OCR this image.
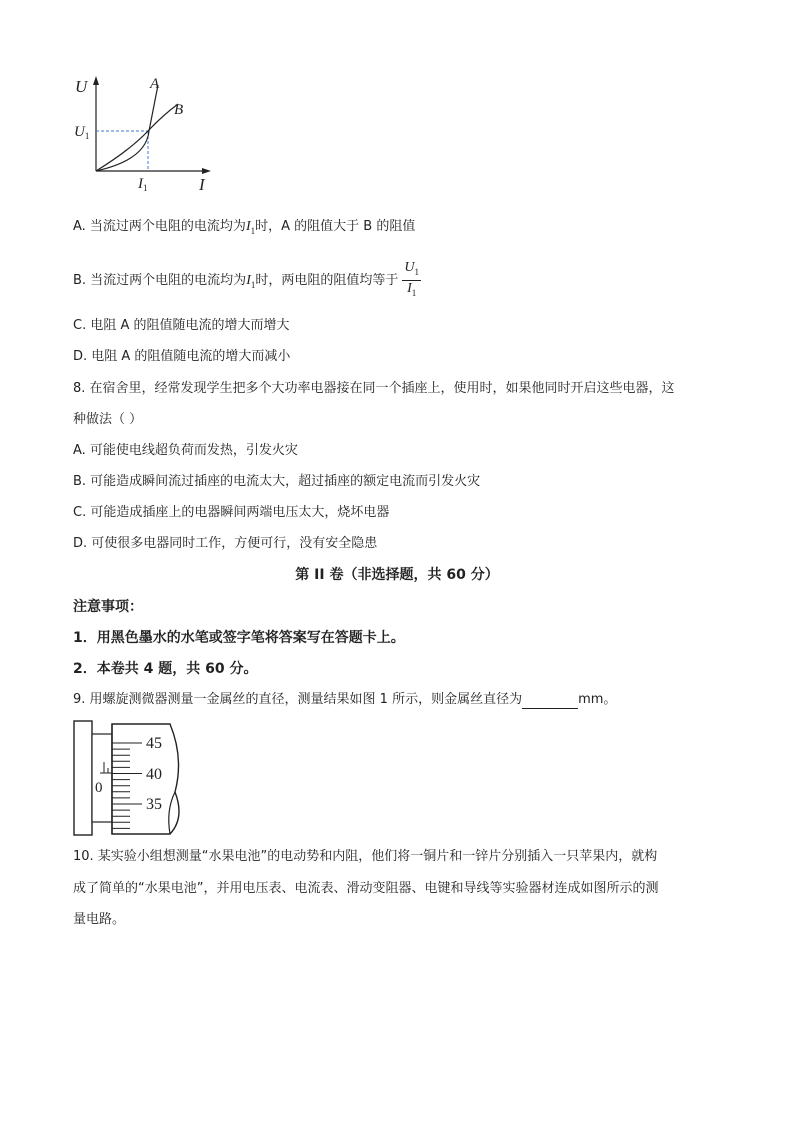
U
I
A
B
$U_1$
$I_1$
A. 当流过两个电阻的电流均为$I_1$时，A 的阻值大于 B 的阻值
B. 当流过两个电阻的电流均为$I_1$时，两电阻的阻值均等于 $\frac{U_1}{I_1}$
C. 电阻 A 的阻值随电流的增大而增大
D. 电阻 A 的阻值随电流的增大而减小
8. 在宿舍里，经常发现学生把多个大功率电器接在同一个插座上，使用时，如果他同时开启这些电器，这
种做法（ ）
A. 可能使电线超负荷而发热，引发火灾
B. 可能造成瞬间流过插座的电流太大，超过插座的额定电流而引发火灾
C. 可能造成插座上的电器瞬间两端电压太大，烧坏电器
D. 可使很多电器同时工作，方便可行，没有安全隐患
第 II 卷（非选择题，共 60 分）
注意事项：
1．用黑色墨水的水笔或签字笔将答案写在答题卡上。
2．本卷共 4 题，共 60 分。
9. 用螺旋测微器测量一金属丝的直径，测量结果如图 1 所示，则金属丝直径为	mm。
0
45
40
35
10. 某实验小组想测量“水果电池”的电动势和内阻，他们将一铜片和一锌片分别插入一只苹果内，就构
成了简单的“水果电池”，并用电压表、电流表、滑动变阻器、电键和导线等实验器材连成如图所示的测
量电路。
